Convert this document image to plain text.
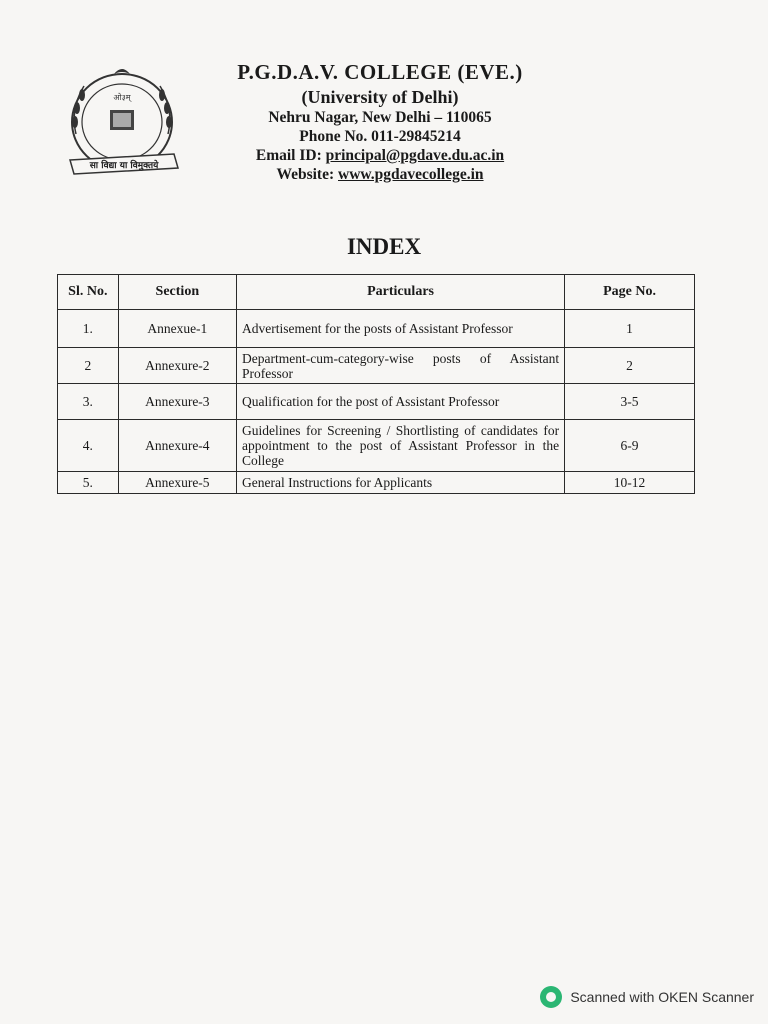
ओ३म्
सा विद्या या विमुक्तये
P.G.D.A.V. COLLEGE (EVE.)
(University of Delhi)
Nehru Nagar, New Delhi – 110065
Phone No. 011-29845214
Email ID: principal@pgdave.du.ac.in
Website: www.pgdavecollege.in
INDEX
Sl. No.	Section	Particulars	Page No.
1.	Annexue-1	Advertisement for the posts of Assistant Professor	1
2	Annexure-2	Department-cum-category-wise posts of Assistant Professor	2
3.	Annexure-3	Qualification for the post of Assistant Professor	3-5
4.	Annexure-4	Guidelines for Screening / Shortlisting of candidates for appointment to the post of Assistant Professor in the College	6-9
5.	Annexure-5	General Instructions for Applicants	10-12
Scanned with OKEN Scanner
